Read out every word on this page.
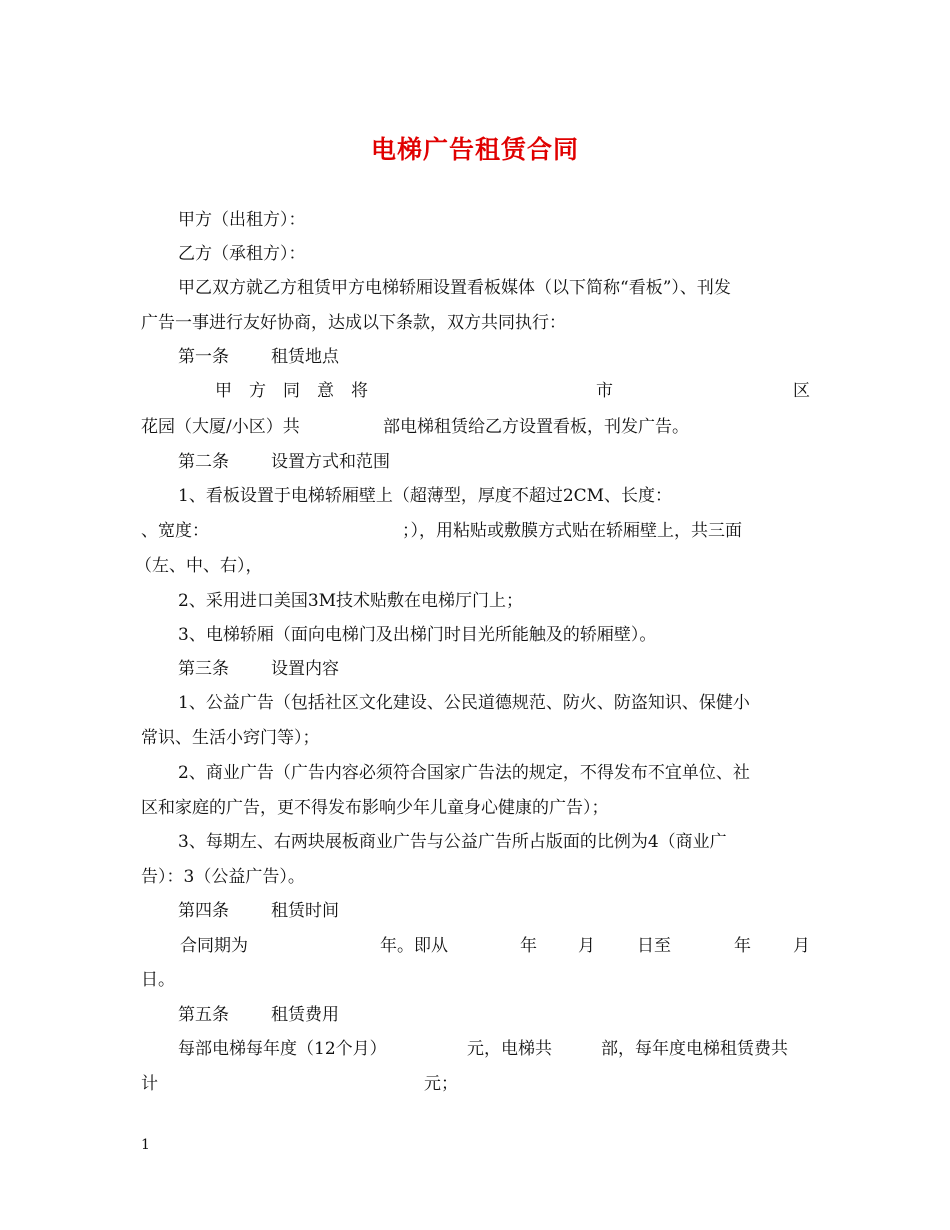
电梯广告租赁合同
甲方（出租方）：
乙方（承租方）：
甲乙双方就乙方租赁甲方电梯轿厢设置看板媒体（以下简称“看板”）、刊发
广告一事进行友好协商，达成以下条款，双方共同执行：
第一条 租赁地点
甲　方　同　意　将	市	区
花园（大厦/小区）共	部电梯租赁给乙方设置看板，刊发广告。
第二条 设置方式和范围
1、看板设置于电梯轿厢壁上（超薄型，厚度不超过2CM、长度：
、宽度：	；），用粘贴或敷膜方式贴在轿厢壁上，共三面
（左、中、右），
2、采用进口美国3M技术贴敷在电梯厅门上；
3、电梯轿厢（面向电梯门及出梯门时目光所能触及的轿厢壁）。
第三条 设置内容
1、公益广告（包括社区文化建设、公民道德规范、防火、防盗知识、保健小
常识、生活小窍门等）；
2、商业广告（广告内容必须符合国家广告法的规定，不得发布不宜单位、社
区和家庭的广告，更不得发布影响少年儿童身心健康的广告）；
3、每期左、右两块展板商业广告与公益广告所占版面的比例为4（商业广
告）：3（公益广告）。
第四条 租赁时间
合同期为	年。即从	年 月 日至	年 月
日。
第五条 租赁费用
每部电梯每年度（12个月）	元，电梯共	部，每年度电梯租赁费共
计	元；
1
